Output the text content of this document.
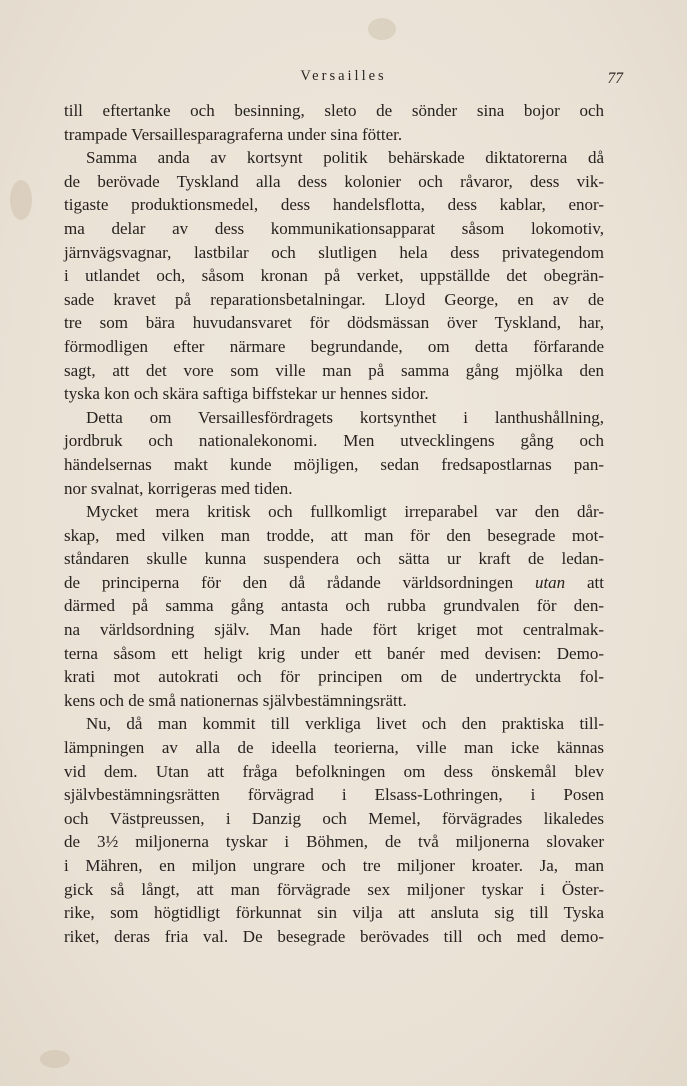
Versailles	77
till eftertanke och besinning, sleto de sönder sina bojor och
trampade Versaillesparagraferna under sina fötter.
Samma anda av kortsynt politik behärskade diktatorerna då
de berövade Tyskland alla dess kolonier och råvaror, dess vik-
tigaste produktionsmedel, dess handelsflotta, dess kablar, enor-
ma delar av dess kommunikationsapparat såsom lokomotiv,
järnvägsvagnar, lastbilar och slutligen hela dess privategendom
i utlandet och, såsom kronan på verket, uppställde det obegrän-
sade kravet på reparationsbetalningar. Lloyd George, en av de
tre som bära huvudansvaret för dödsmässan över Tyskland, har,
förmodligen efter närmare begrundande, om detta förfarande
sagt, att det vore som ville man på samma gång mjölka den
tyska kon och skära saftiga biffstekar ur hennes sidor.
Detta om Versaillesfördragets kortsynthet i lanthushållning,
jordbruk och nationalekonomi. Men utvecklingens gång och
händelsernas makt kunde möjligen, sedan fredsapostlarnas pan-
nor svalnat, korrigeras med tiden.
Mycket mera kritisk och fullkomligt irreparabel var den dår-
skap, med vilken man trodde, att man för den besegrade mot-
ståndaren skulle kunna suspendera och sätta ur kraft de ledan-
de principerna för den då rådande världsordningen utan att
därmed på samma gång antasta och rubba grundvalen för den-
na världsordning själv. Man hade fört kriget mot centralmak-
terna såsom ett heligt krig under ett banér med devisen: Demo-
krati mot autokrati och för principen om de undertryckta fol-
kens och de små nationernas självbestämningsrätt.
Nu, då man kommit till verkliga livet och den praktiska till-
lämpningen av alla de ideella teorierna, ville man icke kännas
vid dem. Utan att fråga befolkningen om dess önskemål blev
självbestämningsrätten förvägrad i Elsass-Lothringen, i Posen
och Västpreussen, i Danzig och Memel, förvägrades likaledes
de 3½ miljonerna tyskar i Böhmen, de två miljonerna slovaker
i Mähren, en miljon ungrare och tre miljoner kroater. Ja, man
gick så långt, att man förvägrade sex miljoner tyskar i Öster-
rike, som högtidligt förkunnat sin vilja att ansluta sig till Tyska
riket, deras fria val. De besegrade berövades till och med demo-
